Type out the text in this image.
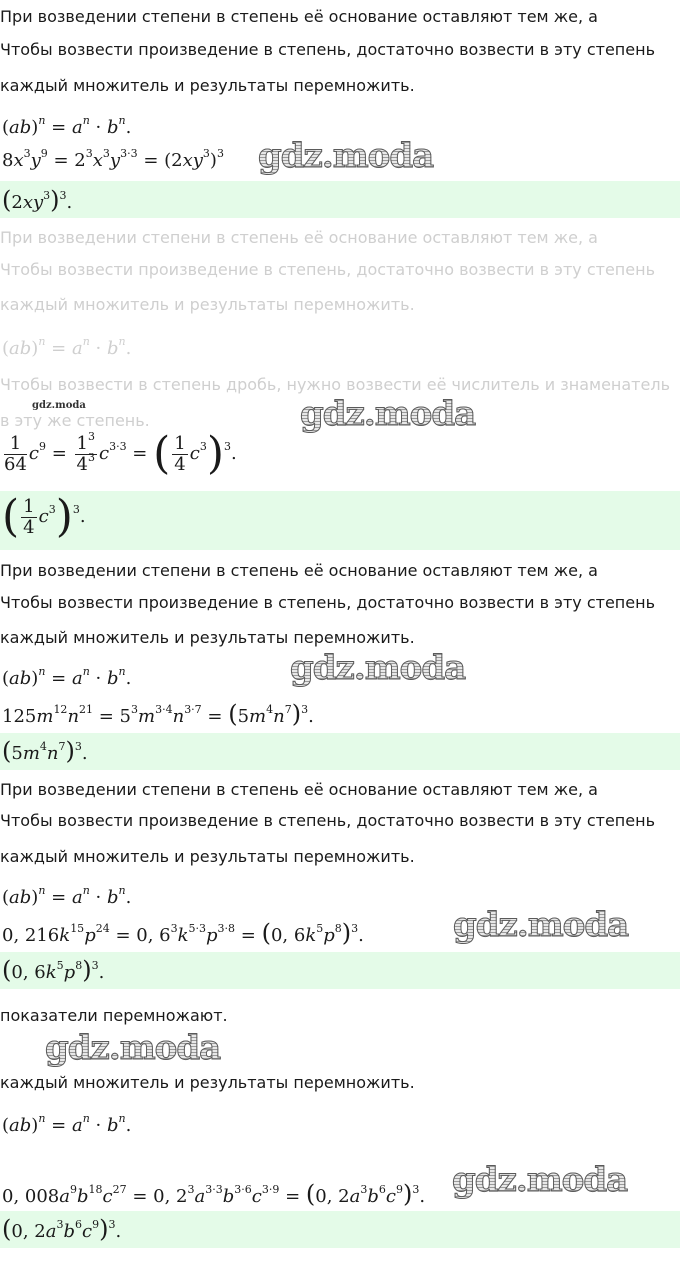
При возведении степени в степень её основание оставляют тем же, а
Чтобы возвести произведение в степень, достаточно возвести в эту степень
каждый множитель и результаты перемножить.
$(ab)^n = a^n \cdot b^n$.
$8x^3y^9 = 2^3x^3y^{3\cdot 3} = (2xy^3)^3$ gdz.moda
$(2xy^3)^3$.
При возведении степени в степень её основание оставляют тем же, а
Чтобы возвести произведение в степень, достаточно возвести в эту степень
каждый множитель и результаты перемножить.
$(ab)^n = a^n \cdot b^n$.
Чтобы возвести в степень дробь, нужно возвести её числитель и знаменатель
в эту же степень.
gdz.moda	gdz.moda
$\frac{1}{64} c^9 = \frac{1^3}{4^3} c^{3\cdot 3}$ = ( $\frac{1}{4} c^3)^3$.
( $\frac{1}{4} c^3)^3$.
При возведении степени в степень её основание оставляют тем же, а
Чтобы возвести произведение в степень, достаточно возвести в эту степень
каждый множитель и результаты перемножить.
$(ab)^n = a^n \cdot b^n$.	gdz.moda
$125m^{12}n^{21} = 5^3m^{3\cdot 4}n^{3\cdot 7} = (5m^4n^7)^3$.
$(5m^4n^7)^3$.
При возведении степени в степень её основание оставляют тем же, а
Чтобы возвести произведение в степень, достаточно возвести в эту степень
каждый множитель и результаты перемножить.
$(ab)^n = a^n \cdot b^n$.
0, $216k^{15}p^{24} = 0$, $6^3k^{5\cdot 3}p^{3\cdot 8} = (0$, $6k^5p^8)^3$.	gdz.moda
(0, $6k^5p^8)^3$.
показатели перемножают.
gdz.moda
каждый множитель и результаты перемножить.
$(ab)^n = a^n \cdot b^n$.
0, $008a^9b^{18}c^{27} = 0$, $2^3a^{3\cdot 3}b^{3\cdot 6}c^{3\cdot 9} = (0$, $2a^3b^6c^9)^3$. gdz.moda
(0, $2a^3b^6c^9)^3$.
